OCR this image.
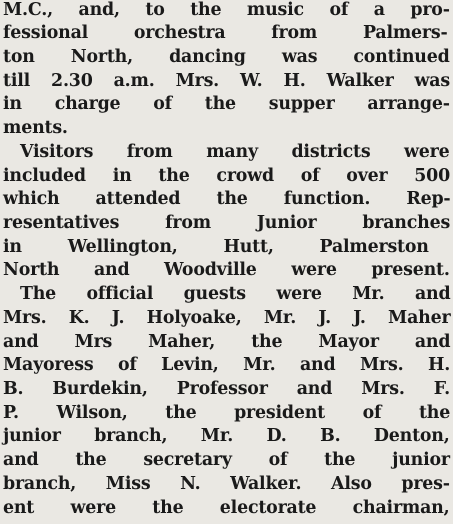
M.C., and, to the music of a pro-
fessional orchestra from Palmers-
ton North, dancing was continued
till 2.30 a.m. Mrs. W. H. Walker was
in charge of the supper arrange-
ments.
Visitors from many districts were
included in the crowd of over 500
which attended the function. Rep-
resentatives from Junior branches
in Wellington, Hutt, Palmerston
North and Woodville were present.
The official guests were Mr. and
Mrs. K. J. Holyoake, Mr. J. J. Maher
and Mrs Maher, the Mayor and
Mayoress of Levin, Mr. and Mrs. H.
B. Burdekin, Professor and Mrs. F.
P. Wilson, the president of the
junior branch, Mr. D. B. Denton,
and the secretary of the junior
branch, Miss N. Walker. Also pres-
ent were the electorate chairman,
